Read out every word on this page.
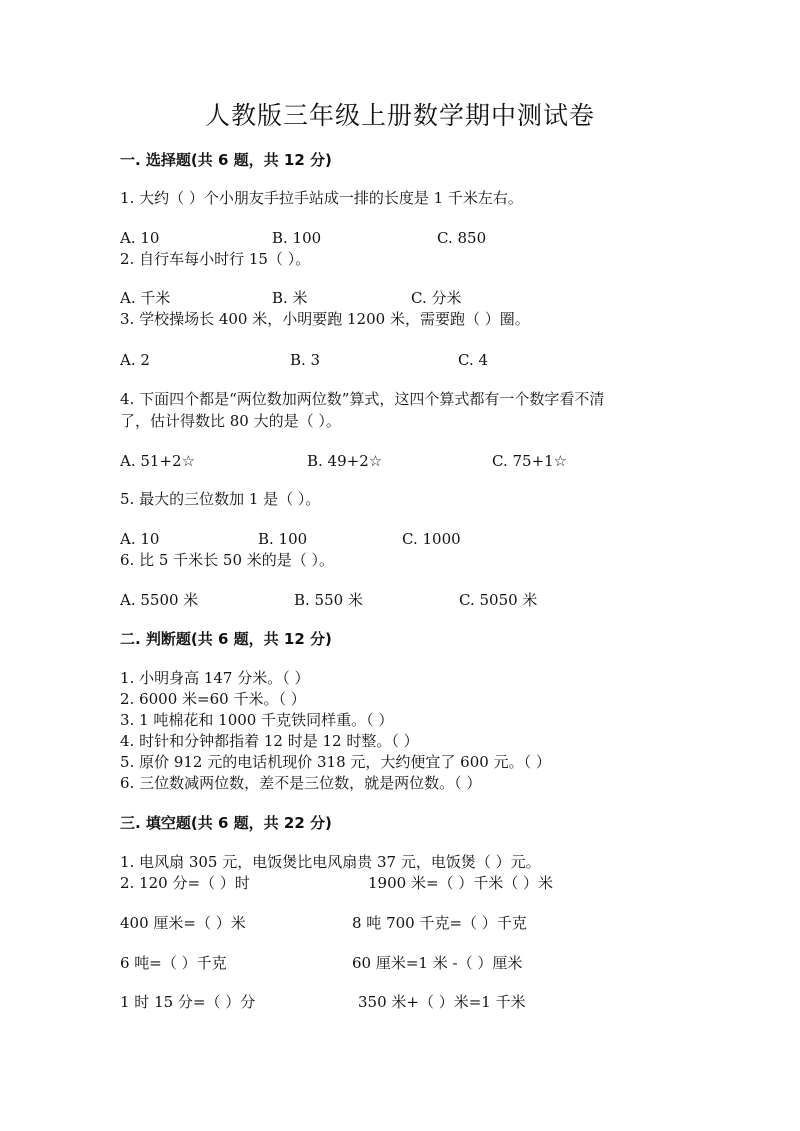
人教版三年级上册数学期中测试卷
一. 选择题(共 6 题，共 12 分)
1. 大约（ ）个小朋友手拉手站成一排的长度是 1 千米左右。
A. 10	B. 100	C. 850
2. 自行车每小时行 15（ ）。
A. 千米	B. 米	C. 分米
3. 学校操场长 400 米，小明要跑 1200 米，需要跑（ ）圈。
A. 2	B. 3	C. 4
4. 下面四个都是“两位数加两位数”算式，这四个算式都有一个数字看不清
了，估计得数比 80 大的是（ ）。
A. 51+2☆	B. 49+2☆	C. 75+1☆
5. 最大的三位数加 1 是（ ）。
A. 10	B. 100	C. 1000
6. 比 5 千米长 50 米的是（ ）。
A. 5500 米	B. 550 米	C. 5050 米
二. 判断题(共 6 题，共 12 分)
1. 小明身高 147 分米。（ ）
2. 6000 米=60 千米。（ ）
3. 1 吨棉花和 1000 千克铁同样重。（ ）
4. 时针和分钟都指着 12 时是 12 时整。（ ）
5. 原价 912 元的电话机现价 318 元，大约便宜了 600 元。（ ）
6. 三位数减两位数，差不是三位数，就是两位数。（ ）
三. 填空题(共 6 题，共 22 分)
1. 电风扇 305 元，电饭煲比电风扇贵 37 元，电饭煲（ ）元。
2. 120 分=（ ）时	1900 米=（ ）千米（ ）米
400 厘米=（ ）米	8 吨 700 千克=（ ）千克
6 吨=（ ）千克	60 厘米=1 米 -（ ）厘米
1 时 15 分=（ ）分	350 米+（ ）米=1 千米
